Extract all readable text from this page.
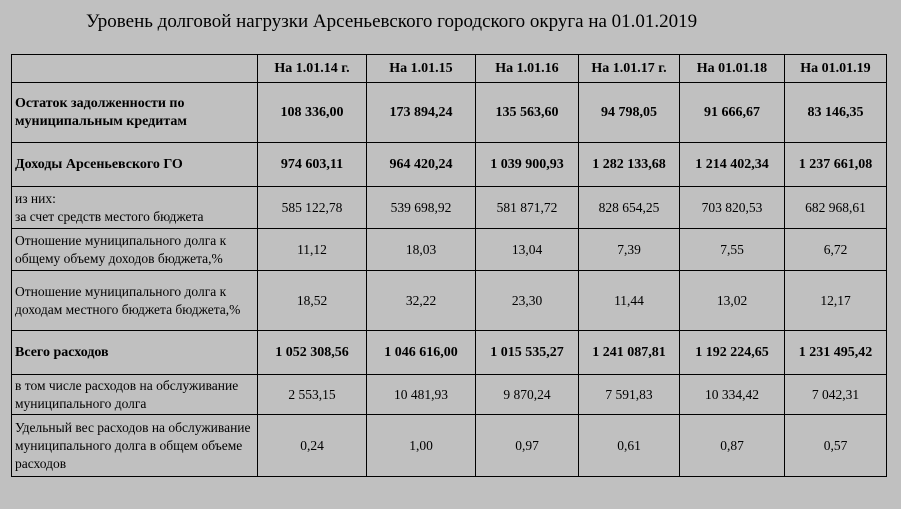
Уровень долговой нагрузки Арсеньевского городского округа на 01.01.2019
	На 1.01.14 г.	На 1.01.15	На 1.01.16	На 1.01.17 г.	На 01.01.18	На 01.01.19
Остаток задолженности по муниципальным кредитам	108 336,00	173 894,24	135 563,60	94 798,05	91 666,67	83 146,35
Доходы Арсеньевского ГО	974 603,11	964 420,24	1 039 900,93	1 282 133,68	1 214 402,34	1 237 661,08
из них:
за счет средств местого бюджета	585 122,78	539 698,92	581 871,72	828 654,25	703 820,53	682 968,61
Отношение муниципального долга к общему объему доходов бюджета,%	11,12	18,03	13,04	7,39	7,55	6,72
Отношение муниципального долга к доходам местного бюджета бюджета,%	18,52	32,22	23,30	11,44	13,02	12,17
Всего расходов	1 052 308,56	1 046 616,00	1 015 535,27	1 241 087,81	1 192 224,65	1 231 495,42
в том числе расходов на обслуживание муниципального долга	2 553,15	10 481,93	9 870,24	7 591,83	10 334,42	7 042,31
Удельный вес расходов на обслуживание муниципального долга в общем объеме расходов	0,24	1,00	0,97	0,61	0,87	0,57
